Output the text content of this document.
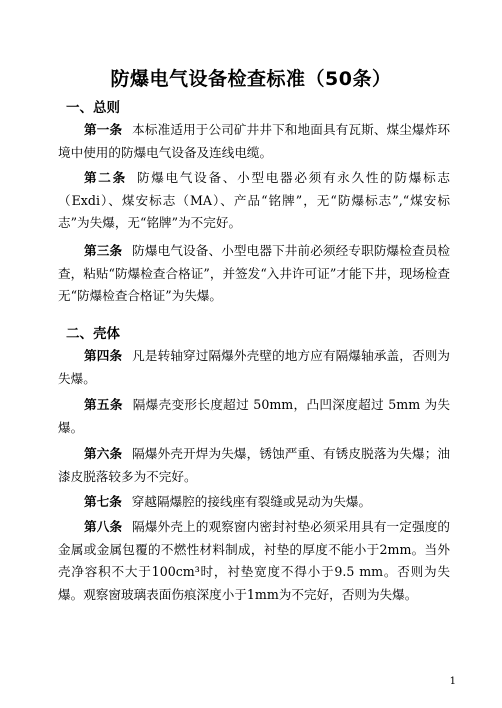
防爆电气设备检查标准（50条）
一、总则

第一条 本标准适用于公司矿井井下和地面具有瓦斯、煤尘爆炸环境中使用的防爆电气设备及连线电缆。

第二条 防爆电气设备、小型电器必须有永久性的防爆标志（Exdi）、煤安标志（MA）、产品“铭牌”，无“防爆标志”,“煤安标志”为失爆，无“铭牌”为不完好。

第三条 防爆电气设备、小型电器下井前必须经专职防爆检查员检查，粘贴“防爆检查合格证”，并签发“入井许可证”才能下井，现场检查无“防爆检查合格证”为失爆。

二、壳体

第四条 凡是转轴穿过隔爆外壳壁的地方应有隔爆轴承盖，否则为失爆。

第五条 隔爆壳变形长度超过 50mm，凸凹深度超过 5mm 为失爆。

第六条 隔爆外壳开焊为失爆，锈蚀严重、有锈皮脱落为失爆；油漆皮脱落较多为不完好。

第七条 穿越隔爆腔的接线座有裂缝或晃动为失爆。

第八条 隔爆外壳上的观察窗内密封衬垫必须采用具有一定强度的金属或金属包覆的不燃性材料制成，衬垫的厚度不能小于2mm。当外壳净容积不大于100cm³时，衬垫宽度不得小于9.5 mm。否则为失爆。观察窗玻璃表面伤痕深度小于1mm为不完好，否则为失爆。

1
